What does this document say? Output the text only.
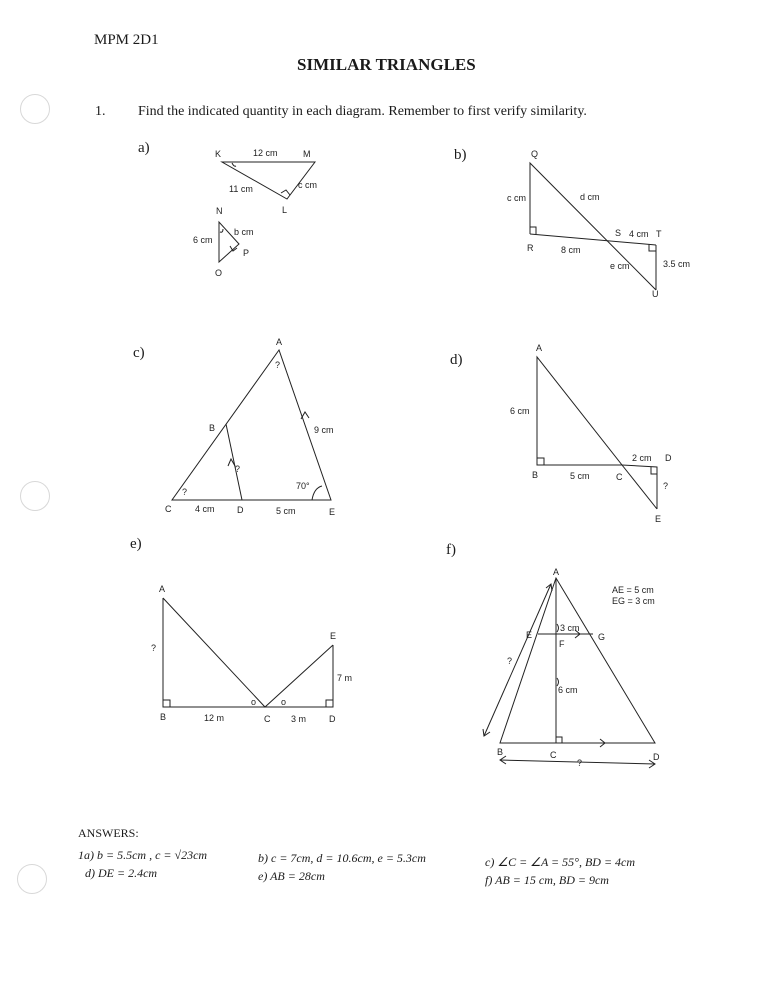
MPM 2D1
SIMILAR TRIANGLES
1. Find the indicated quantity in each diagram. Remember to first verify similarity.
a)	b)
c)	d)
e)	f)
K	12 cm	M
11 cm	c cm
L
N
b cm
6 cm
P
O
Q
c cm	d cm
S 4 cm T
R	8 cm
e cm	3.5 cm
U
A
?
B	9 cm
?
?
70°
C	4 cm D	5 cm	E
A
6 cm
2 cm D
B	5 cm	C
?
E
A
?
E
7 m
o	o
B	12 m	C 3 m	D
A
AE = 5 cm
EG = 3 cm
3 cm
E	G
F
?
6 cm
B	C	D
?
ANSWERS:
1a) b = 5.5cm , c = √23cm
d) DE = 2.4cm
b) c = 7cm, d = 10.6cm, e = 5.3cm
e) AB = 28cm
c) ∠C = ∠A = 55°, BD = 4cm
f) AB = 15 cm, BD = 9cm
